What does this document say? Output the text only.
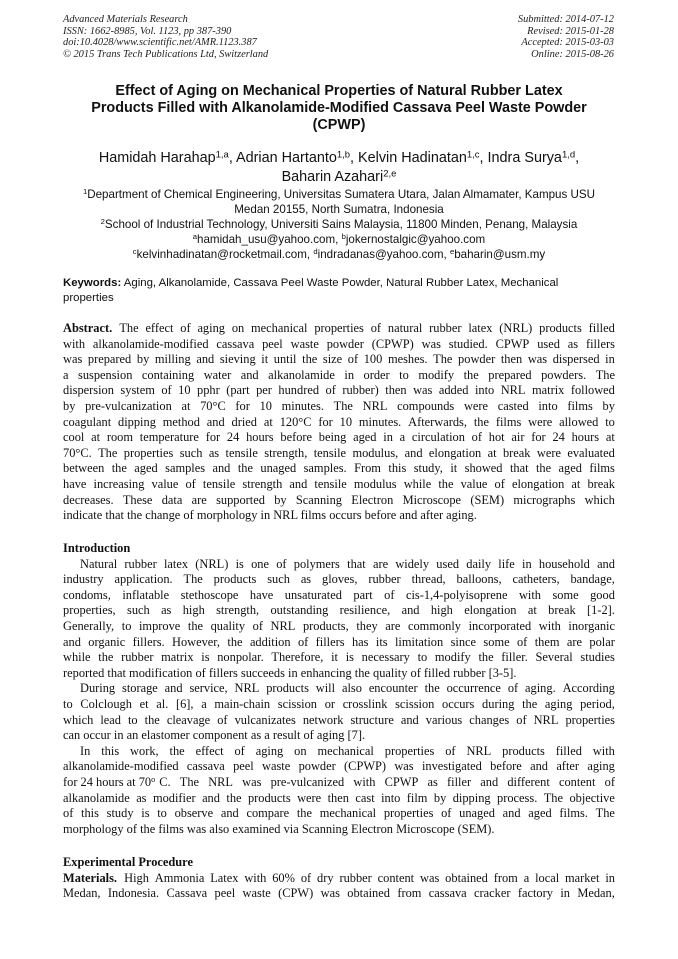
Advanced Materials Research
ISSN: 1662-8985, Vol. 1123, pp 387-390
doi:10.4028/www.scientific.net/AMR.1123.387
© 2015 Trans Tech Publications Ltd, Switzerland
Submitted: 2014-07-12
Revised: 2015-01-28
Accepted: 2015-03-03
Online: 2015-08-26
Effect of Aging on Mechanical Properties of Natural Rubber Latex
Products Filled with Alkanolamide-Modified Cassava Peel Waste Powder
(CPWP)
Hamidah Harahap$^{1,a}$, Adrian Hartanto$^{1,b}$, Kelvin Hadinatan$^{1,c}$, Indra Surya$^{1,d}$,
Baharin Azahari$^{2,e}$
$^1$Department of Chemical Engineering, Universitas Sumatera Utara, Jalan Almamater, Kampus USU
Medan 20155, North Sumatra, Indonesia
$^2$School of Industrial Technology, Universiti Sains Malaysia, 11800 Minden, Penang, Malaysia
$^a$hamidah_usu@yahoo.com, $^b$jokernostalgic@yahoo.com
$^c$kelvinhadinatan@rocketmail.com, $^d$indradanas@yahoo.com, $^e$baharin@usm.my
Keywords: Aging, Alkanolamide, Cassava Peel Waste Powder, Natural Rubber Latex, Mechanical
properties
Abstract. The effect of aging on mechanical properties of natural rubber latex (NRL) products filled
with alkanolamide-modified cassava peel waste powder (CPWP) was studied. CPWP used as fillers
was prepared by milling and sieving it until the size of 100 meshes. The powder then was dispersed in
a suspension containing water and alkanolamide in order to modify the prepared powders. The
dispersion system of 10 pphr (part per hundred of rubber) then was added into NRL matrix followed
by pre-vulcanization at 70°C for 10 minutes. The NRL compounds were casted into films by
coagulant dipping method and dried at 120°C for 10 minutes. Afterwards, the films were allowed to
cool at room temperature for 24 hours before being aged in a circulation of hot air for 24 hours at
70°C. The properties such as tensile strength, tensile modulus, and elongation at break were evaluated
between the aged samples and the unaged samples. From this study, it showed that the aged films
have increasing value of tensile strength and tensile modulus while the value of elongation at break
decreases. These data are supported by Scanning Electron Microscope (SEM) micrographs which
indicate that the change of morphology in NRL films occurs before and after aging.
Introduction
Natural rubber latex (NRL) is one of polymers that are widely used daily life in household and
industry application. The products such as gloves, rubber thread, balloons, catheters, bandage,
condoms, inflatable stethoscope have unsaturated part of cis-1,4-polyisoprene with some good
properties, such as high strength, outstanding resilience, and high elongation at break [1-2].
Generally, to improve the quality of NRL products, they are commonly incorporated with inorganic
and organic fillers. However, the addition of fillers has its limitation since some of them are polar
while the rubber matrix is nonpolar. Therefore, it is necessary to modify the filler. Several studies
reported that modification of fillers succeeds in enhancing the quality of filled rubber [3-5].
During storage and service, NRL products will also encounter the occurrence of aging. According
to Colclough et al. [6], a main-chain scission or crosslink scission occurs during the aging period,
which lead to the cleavage of vulcanizates network structure and various changes of NRL properties
can occur in an elastomer component as a result of aging [7].
In this work, the effect of aging on mechanical properties of NRL products filled with
alkanolamide-modified cassava peel waste powder (CPWP) was investigated before and after aging
for 24 hours at 70$^o$ C. The NRL was pre-vulcanized with CPWP as filler and different content of
alkanolamide as modifier and the products were then cast into film by dipping process. The objective
of this study is to observe and compare the mechanical properties of unaged and aged films. The
morphology of the films was also examined via Scanning Electron Microscope (SEM).
Experimental Procedure
Materials. High Ammonia Latex with 60% of dry rubber content was obtained from a local market in
Medan, Indonesia. Cassava peel waste (CPW) was obtained from cassava cracker factory in Medan,
